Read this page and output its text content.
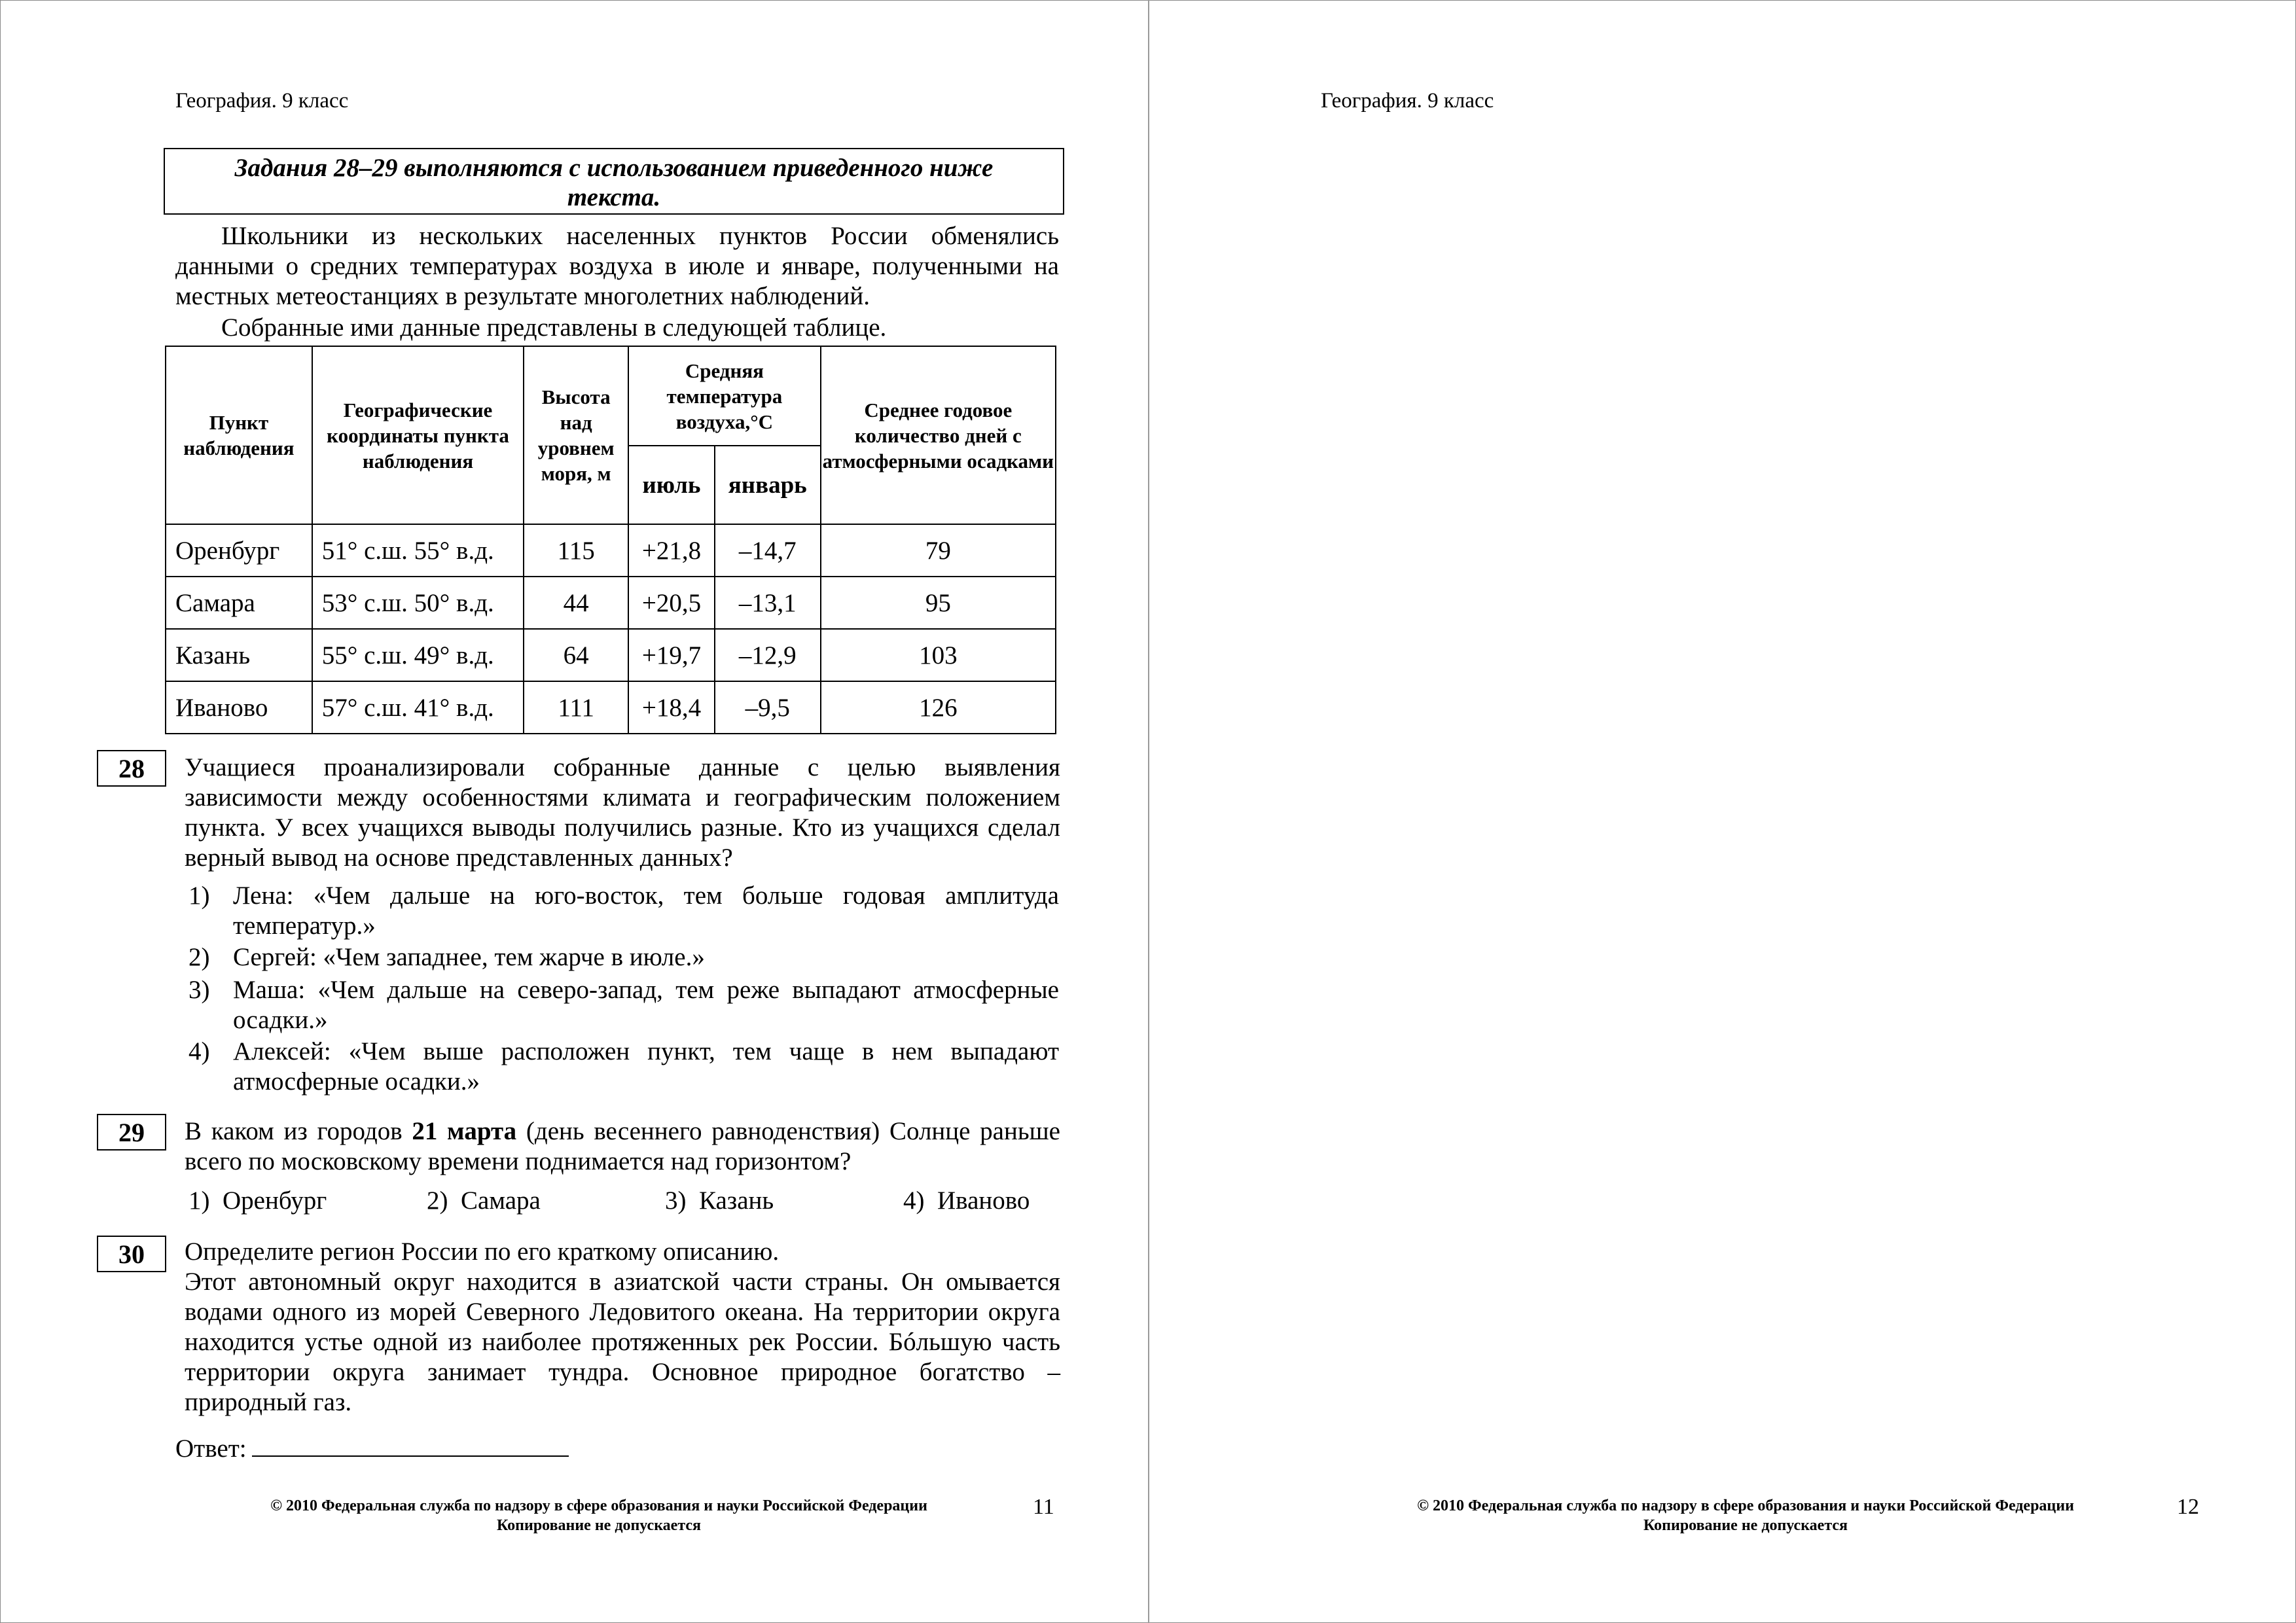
География. 9 класс
Задания 28–29 выполняются с использованием приведенного ниже
текста.
Школьники из нескольких населенных пунктов России обменялись данными о средних температурах воздуха в июле и январе, полученными на местных метеостанциях в результате многолетних наблюдений.
Собранные ими данные представлены в следующей таблице.
Пункт наблюдения	Географические координаты пункта наблюдения	Высота над уровнем моря, м	Средняя температура воздуха,°С		Среднее годовое количество дней с атмосферными осадками
			июль	январь	
Оренбург	51° с.ш. 55° в.д.	115	+21,8	–14,7	79
Самара	53° с.ш. 50° в.д.	44	+20,5	–13,1	95
Казань	55° с.ш. 49° в.д.	64	+19,7	–12,9	103
Иваново	57° с.ш. 41° в.д.	111	+18,4	–9,5	126
28	Учащиеся проанализировали собранные данные с целью выявления зависимости между особенностями климата и географическим положением пункта. У всех учащихся выводы получились разные. Кто из учащихся сделал верный вывод на основе представленных данных?
1) Лена: «Чем дальше на юго-восток, тем больше годовая амплитуда температур.»
2) Сергей: «Чем западнее, тем жарче в июле.»
3) Маша: «Чем дальше на северо-запад, тем реже выпадают атмосферные осадки.»
4) Алексей: «Чем выше расположен пункт, тем чаще в нем выпадают атмосферные осадки.»
29	В каком из городов 21 марта (день весеннего равноденствия) Солнце раньше всего по московскому времени поднимается над горизонтом?
1) Оренбург	2) Самара	3) Казань	4) Иваново
30	Определите регион России по его краткому описанию.
Этот автономный округ находится в азиатской части страны. Он омывается водами одного из морей Северного Ледовитого океана. На территории округа находится устье одной из наиболее протяженных рек России. Бóльшую часть территории округа занимает тундра. Основное природное богатство – природный газ.
Ответ:
© 2010 Федеральная служба по надзору в сфере образования и науки Российской Федерации
Копирование не допускается
11
География. 9 класс
© 2010 Федеральная служба по надзору в сфере образования и науки Российской Федерации
Копирование не допускается
12
